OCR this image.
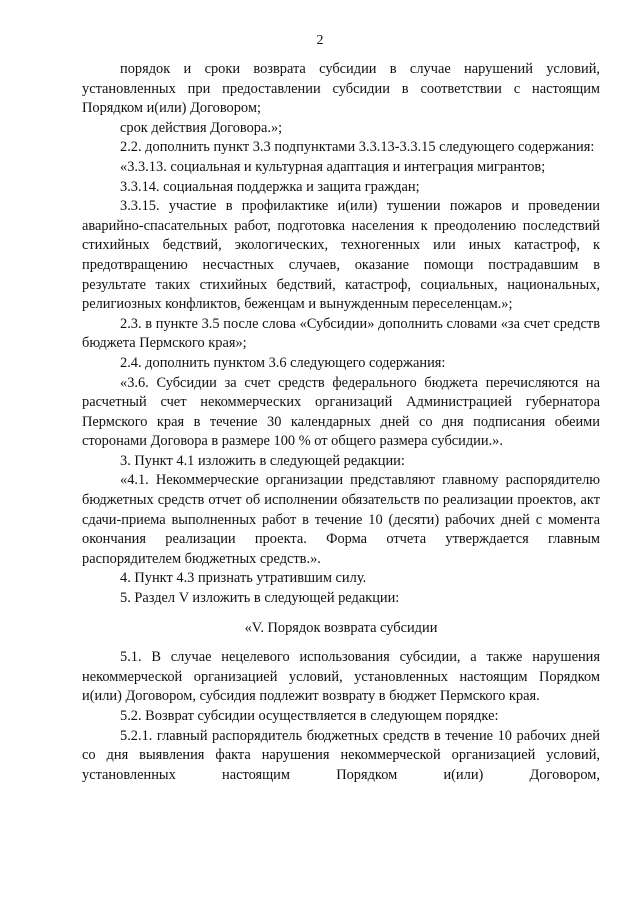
2

порядок и сроки возврата субсидии в случае нарушений условий, установленных при предоставлении субсидии в соответствии с настоящим Порядком и(или) Договором;

срок действия Договора.»;

2.2. дополнить пункт 3.3 подпунктами 3.3.13-3.3.15 следующего содержания:

«3.3.13. социальная и культурная адаптация и интеграция мигрантов;

3.3.14. социальная поддержка и защита граждан;

3.3.15. участие в профилактике и(или) тушении пожаров и проведении аварийно-спасательных работ, подготовка населения к преодолению последствий стихийных бедствий, экологических, техногенных или иных катастроф, к предотвращению несчастных случаев, оказание помощи пострадавшим в результате таких стихийных бедствий, катастроф, социальных, национальных, религиозных конфликтов, беженцам и вынужденным переселенцам.»;

2.3. в пункте 3.5 после слова «Субсидии» дополнить словами «за счет средств бюджета Пермского края»;

2.4. дополнить пунктом 3.6 следующего содержания:

«3.6. Субсидии за счет средств федерального бюджета перечисляются на расчетный счет некоммерческих организаций Администрацией губернатора Пермского края в течение 30 календарных дней со дня подписания обеими сторонами Договора в размере 100 % от общего размера субсидии.».

3. Пункт 4.1 изложить в следующей редакции:

«4.1. Некоммерческие организации представляют главному распорядителю бюджетных средств отчет об исполнении обязательств по реализации проектов, акт сдачи-приема выполненных работ в течение 10 (десяти) рабочих дней с момента окончания реализации проекта. Форма отчета утверждается главным распорядителем бюджетных средств.».

4. Пункт 4.3 признать утратившим силу.

5. Раздел V изложить в следующей редакции:

«V. Порядок возврата субсидии

5.1. В случае нецелевого использования субсидии, а также нарушения некоммерческой организацией условий, установленных настоящим Порядком и(или) Договором, субсидия подлежит возврату в бюджет Пермского края.

5.2. Возврат субсидии осуществляется в следующем порядке:

5.2.1. главный распорядитель бюджетных средств в течение 10 рабочих дней со дня выявления факта нарушения некоммерческой организацией условий, установленных настоящим Порядком и(или) Договором,
